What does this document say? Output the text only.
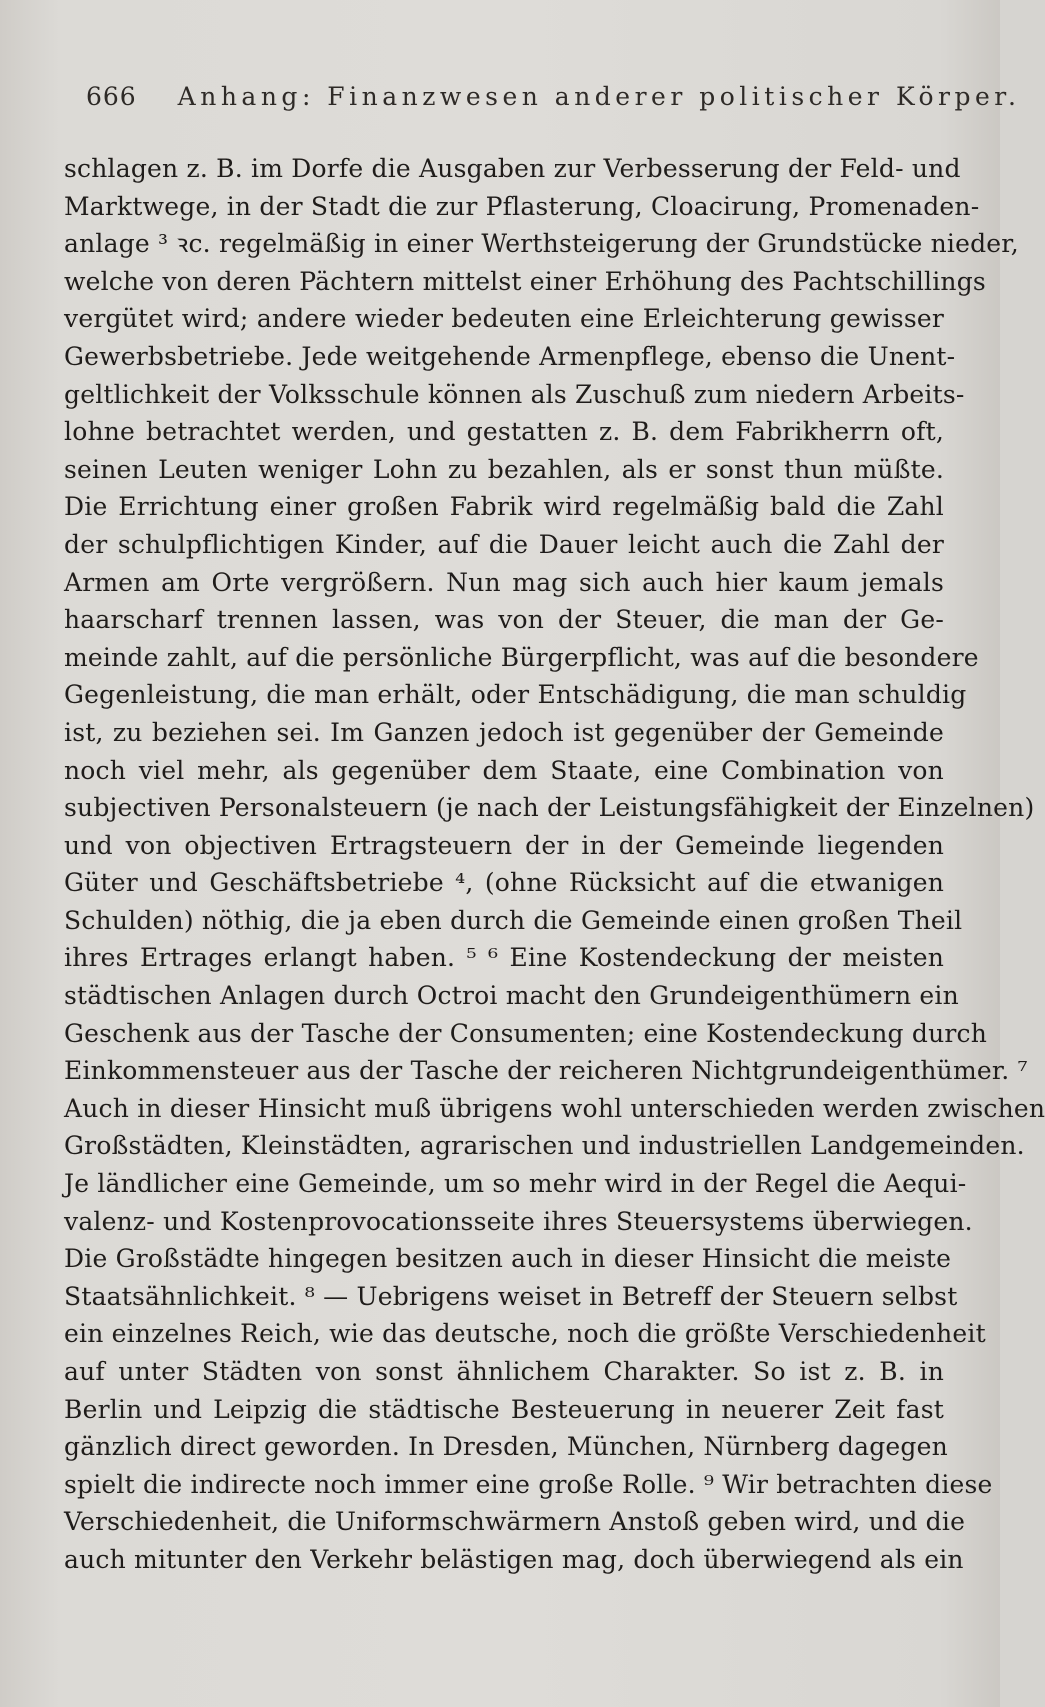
666 Anhang: Finanzwesen anderer politischer Körper.
schlagen z. B. im Dorfe die Ausgaben zur Verbesserung der Feld- und
Marktwege, in der Stadt die zur Pflasterung, Cloacirung, Promenaden-
anlage ³ ꝛc. regelmäßig in einer Werthsteigerung der Grundstücke nieder,
welche von deren Pächtern mittelst einer Erhöhung des Pachtschillings
vergütet wird; andere wieder bedeuten eine Erleichterung gewisser
Gewerbsbetriebe. Jede weitgehende Armenpflege, ebenso die Unent-
geltlichkeit der Volksschule können als Zuschuß zum niedern Arbeits-
lohne betrachtet werden, und gestatten z. B. dem Fabrikherrn oft,
seinen Leuten weniger Lohn zu bezahlen, als er sonst thun müßte.
Die Errichtung einer großen Fabrik wird regelmäßig bald die Zahl
der schulpflichtigen Kinder, auf die Dauer leicht auch die Zahl der
Armen am Orte vergrößern. Nun mag sich auch hier kaum jemals
haarscharf trennen lassen, was von der Steuer, die man der Ge-
meinde zahlt, auf die persönliche Bürgerpflicht, was auf die besondere
Gegenleistung, die man erhält, oder Entschädigung, die man schuldig
ist, zu beziehen sei. Im Ganzen jedoch ist gegenüber der Gemeinde
noch viel mehr, als gegenüber dem Staate, eine Combination von
subjectiven Personalsteuern (je nach der Leistungsfähigkeit der Einzelnen)
und von objectiven Ertragsteuern der in der Gemeinde liegenden
Güter und Geschäftsbetriebe ⁴, (ohne Rücksicht auf die etwanigen
Schulden) nöthig, die ja eben durch die Gemeinde einen großen Theil
ihres Ertrages erlangt haben. ⁵ ⁶ Eine Kostendeckung der meisten
städtischen Anlagen durch Octroi macht den Grundeigenthümern ein
Geschenk aus der Tasche der Consumenten; eine Kostendeckung durch
Einkommensteuer aus der Tasche der reicheren Nichtgrundeigenthümer. ⁷
Auch in dieser Hinsicht muß übrigens wohl unterschieden werden zwischen
Großstädten, Kleinstädten, agrarischen und industriellen Landgemeinden.
Je ländlicher eine Gemeinde, um so mehr wird in der Regel die Aequi-
valenz- und Kostenprovocationsseite ihres Steuersystems überwiegen.
Die Großstädte hingegen besitzen auch in dieser Hinsicht die meiste
Staatsähnlichkeit. ⁸ — Uebrigens weiset in Betreff der Steuern selbst
ein einzelnes Reich, wie das deutsche, noch die größte Verschiedenheit
auf unter Städten von sonst ähnlichem Charakter. So ist z. B. in
Berlin und Leipzig die städtische Besteuerung in neuerer Zeit fast
gänzlich direct geworden. In Dresden, München, Nürnberg dagegen
spielt die indirecte noch immer eine große Rolle. ⁹ Wir betrachten diese
Verschiedenheit, die Uniformschwärmern Anstoß geben wird, und die
auch mitunter den Verkehr belästigen mag, doch überwiegend als ein
